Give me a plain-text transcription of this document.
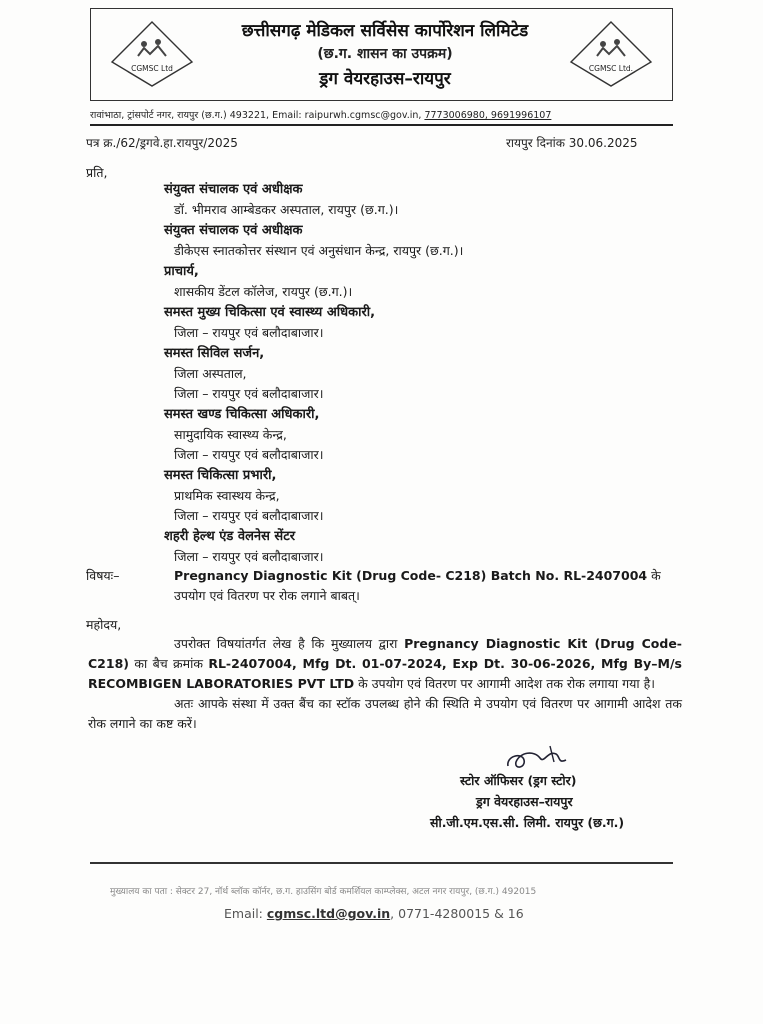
CGMSC Ltd	CGMSC Ltd.
छत्तीसगढ़ मेडिकल सर्विसेस कार्पोरेशन लिमिटेड
(छ.ग. शासन का उपक्रम)
ड्रग वेयरहाउस–रायपुर
रावांभाठा, ट्रांसपोर्ट नगर, रायपुर (छ.ग.) 493221, Email: raipurwh.cgmsc@gov.in, 7773006980, 9691996107
पत्र क्र./62/ड्रगवे.हा.रायपुर/2025	रायपुर दिनांक 30.06.2025
प्रति,
संयुक्त संचालक एवं अधीक्षक
डॉ. भीमराव आम्बेडकर अस्पताल, रायपुर (छ.ग.)।
संयुक्त संचालक एवं अधीक्षक
डीकेएस स्नातकोत्तर संस्थान एवं अनुसंधान केन्द्र, रायपुर (छ.ग.)।
प्राचार्य,
शासकीय डेंटल कॉलेज, रायपुर (छ.ग.)।
समस्त मुख्य चिकित्सा एवं स्वास्थ्य अधिकारी,
जिला – रायपुर एवं बलौदाबाजार।
समस्त सिविल सर्जन,
जिला अस्पताल,
जिला – रायपुर एवं बलौदाबाजार।
समस्त खण्ड चिकित्सा अधिकारी,
सामुदायिक स्वास्थ्य केन्द्र,
जिला – रायपुर एवं बलौदाबाजार।
समस्त चिकित्सा प्रभारी,
प्राथमिक स्वास्थय केन्द्र,
जिला – रायपुर एवं बलौदाबाजार।
शहरी हेल्थ एंड वेलनेस सेंटर
जिला – रायपुर एवं बलौदाबाजार।
विषयः–	Pregnancy Diagnostic Kit (Drug Code- C218) Batch No. RL-2407004 के उपयोग एवं वितरण पर रोक लगाने बाबत्।
महोदय,

उपरोक्त विषयांतर्गत लेख है कि मुख्यालय द्वारा Pregnancy Diagnostic Kit (Drug Code- C218) का बैच क्रमांक RL-2407004, Mfg Dt. 01-07-2024, Exp Dt. 30-06-2026, Mfg By–M/s RECOMBIGEN LABORATORIES PVT LTD के उपयोग एवं वितरण पर आगामी आदेश तक रोक लगाया गया है।

अतः आपके संस्था में उक्त बैंच का स्टॉक उपलब्ध होने की स्थिति मे उपयोग एवं वितरण पर आगामी आदेश तक रोक लगाने का कष्ट करें।

स्टोर ऑफिसर (ड्रग स्टोर)
ड्रग वेयरहाउस–रायपुर
सी.जी.एम.एस.सी. लिमी. रायपुर (छ.ग.)
मुख्यालय का पता : सेक्टर 27, नॉर्थ ब्लॉक कॉर्नर, छ.ग. हाउसिंग बोर्ड कमर्शियल काम्प्लेक्स, अटल नगर रायपुर, (छ.ग.) 492015
Email: cgmsc.ltd@gov.in, 0771-4280015 & 16
